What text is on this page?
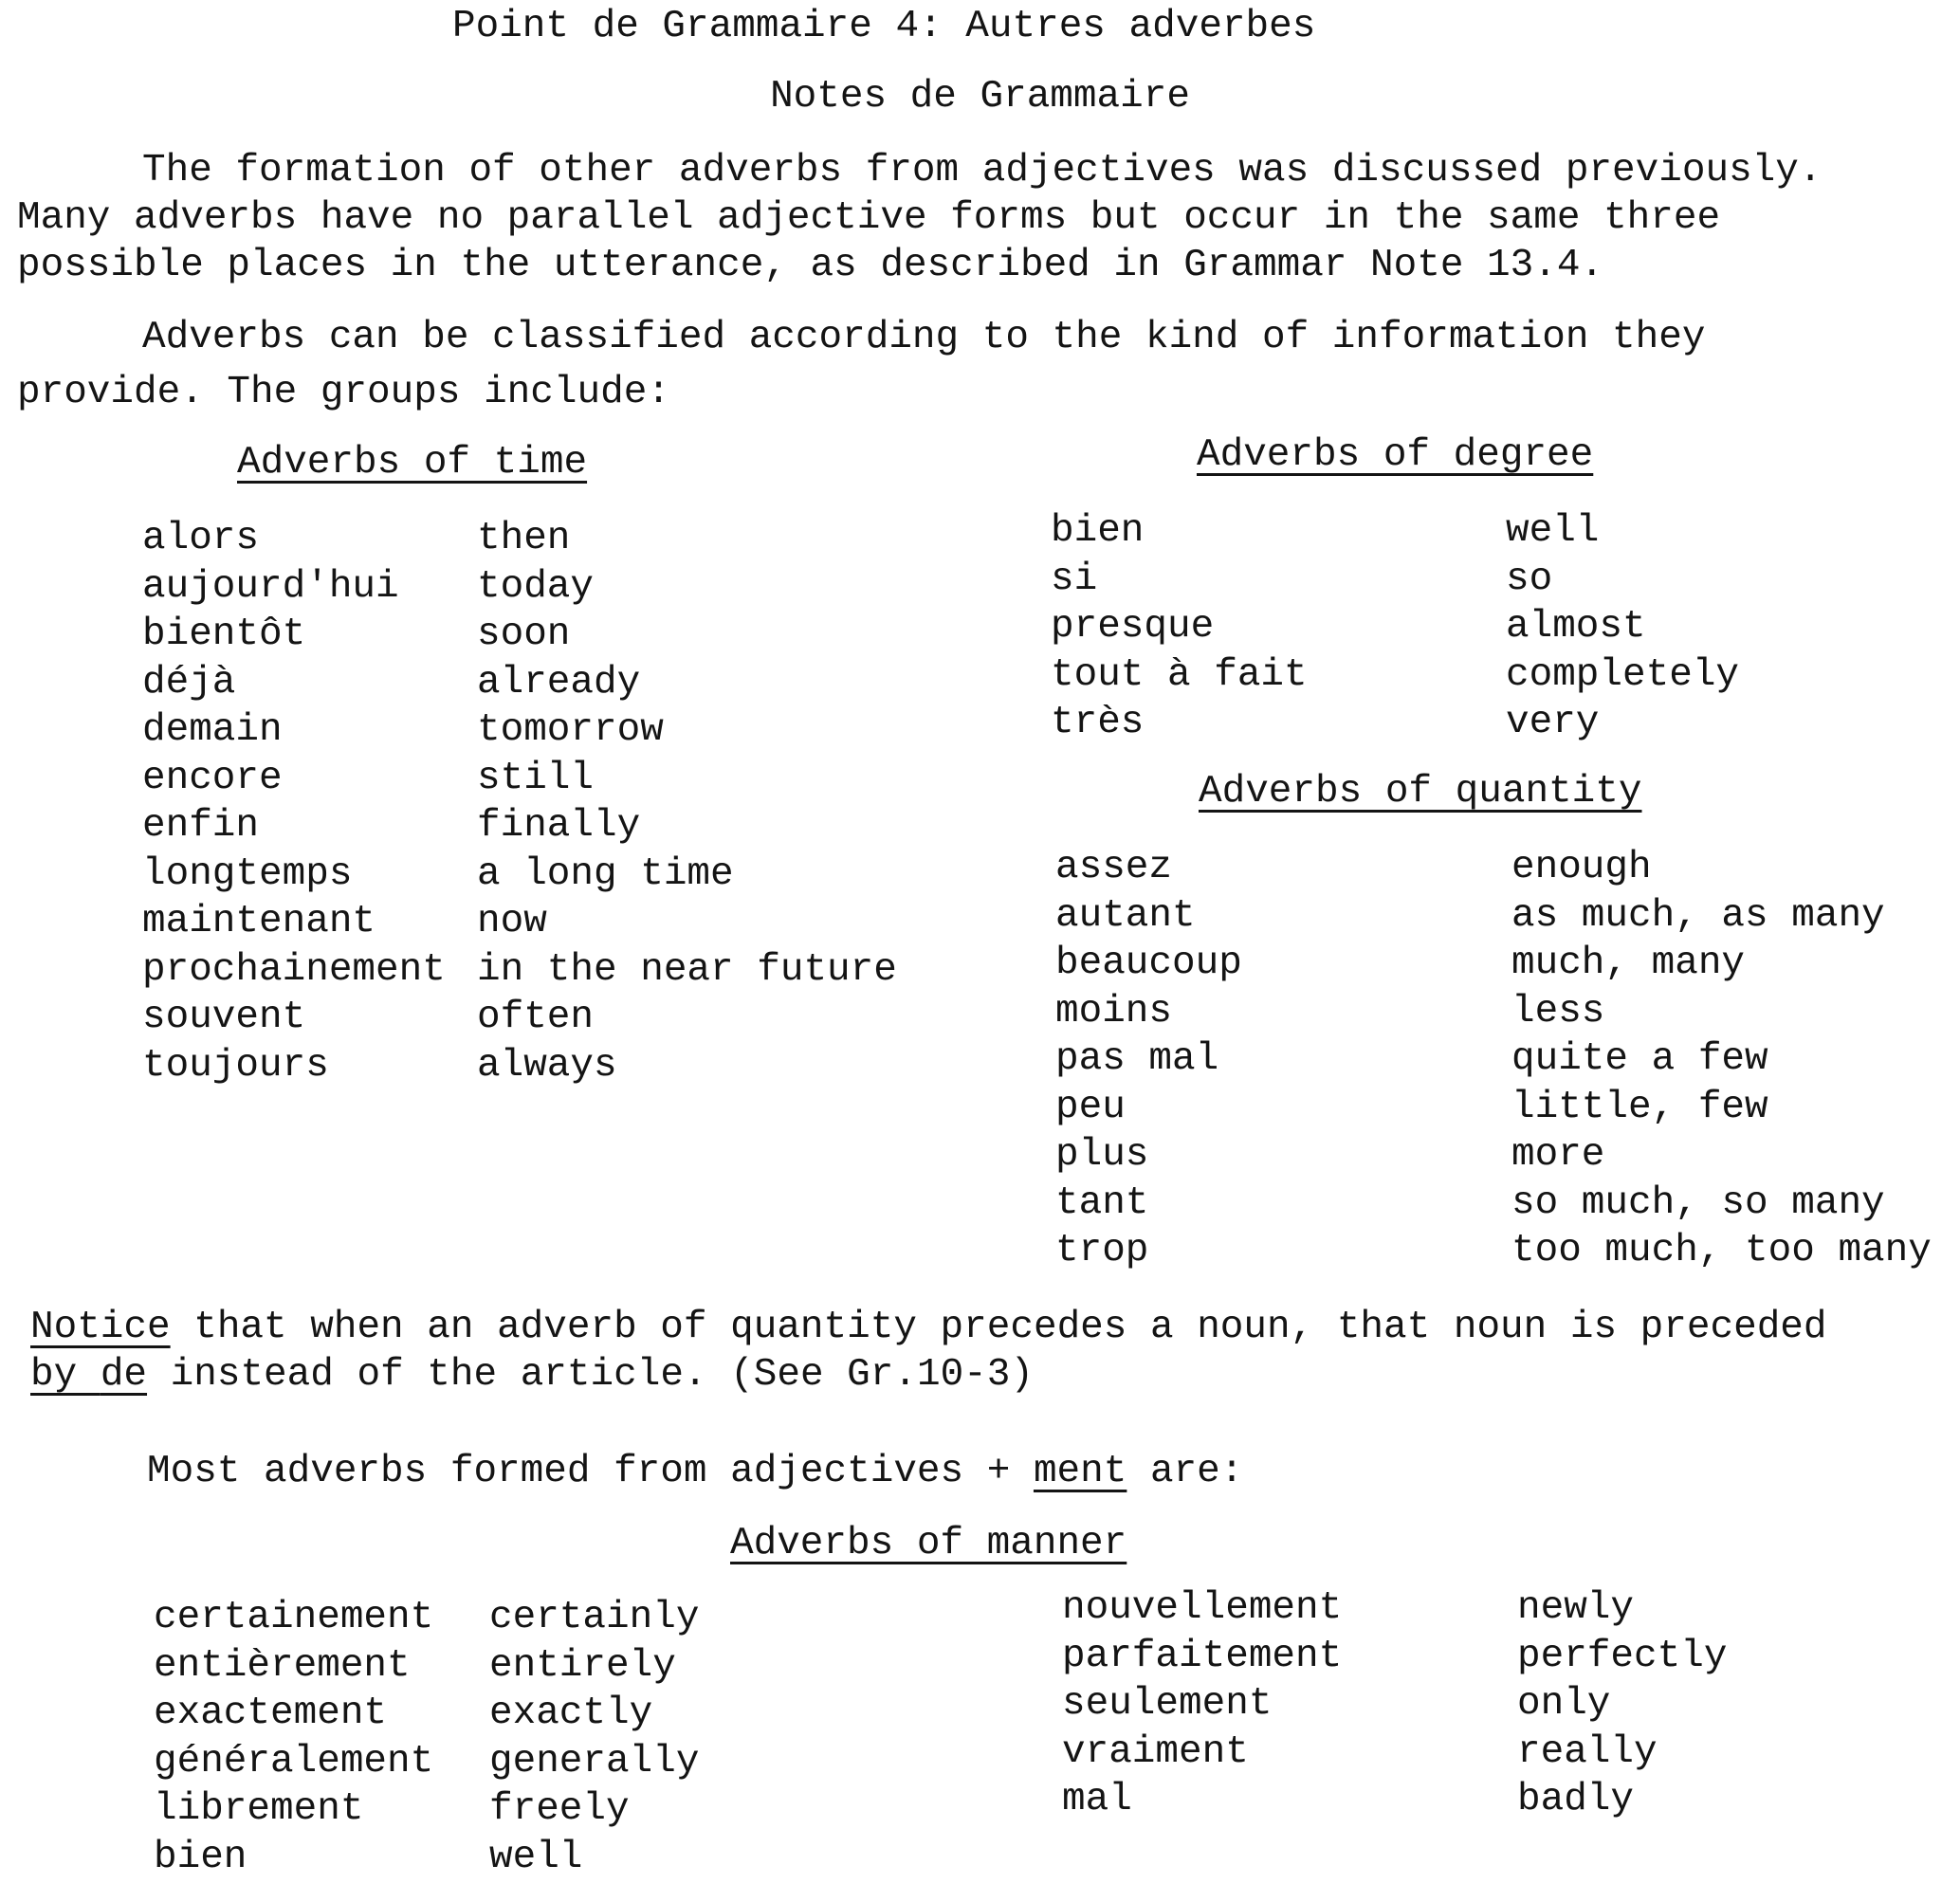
Point de Grammaire 4: Autres adverbes
Notes de Grammaire
The formation of other adverbs from adjectives was discussed previously.
Many adverbs have no parallel adjective forms but occur in the same three
possible places in the utterance, as described in Grammar Note 13.4.
Adverbs can be classified according to the kind of information they
provide. The groups include:
Adverbs of time
alors
aujourd'hui
bientôt
déjà
demain
encore
enfin
longtemps
maintenant
prochainement
souvent
toujours
then
today
soon
already
tomorrow
still
finally
a long time
now
in the near future
often
always
Adverbs of degree
bien
si
presque
tout à fait
très
well
so
almost
completely
very
Adverbs of quantity
assez
autant
beaucoup
moins
pas mal
peu
plus
tant
trop
enough
as much, as many
much, many
less
quite a few
little, few
more
so much, so many
too much, too many
Notice that when an adverb of quantity precedes a noun, that noun is preceded
by de instead of the article. (See Gr.10-3)
Most adverbs formed from adjectives + ment are:
Adverbs of manner
certainement
entièrement
exactement
généralement
librement
bien
certainly
entirely
exactly
generally
freely
well
nouvellement
parfaitement
seulement
vraiment
mal
newly
perfectly
only
really
badly
